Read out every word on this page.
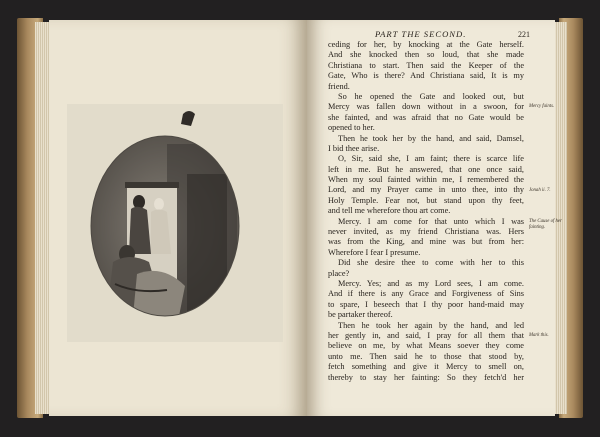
PART THE SECOND.	221
ceding for her, by knocking at the Gate herself.
And she knocked then so loud, that she made
Christiana to start. Then said the Keeper of the
Gate, Who is there? And Christiana said, It is my
friend.
So he opened the Gate and looked out, but
Mercy was fallen down without in a swoon, for
she fainted, and was afraid that no Gate would be
opened to her.
Then he took her by the hand, and said, Damsel,
I bid thee arise.
O, Sir, said she, I am faint; there is scarce life
left in me. But he answered, that one once said,
When my soul fainted within me, I remembered the
Lord, and my Prayer came in unto thee, into thy
Holy Temple. Fear not, but stand upon thy feet,
and tell me wherefore thou art come.
Mercy. I am come for that unto which I was
never invited, as my friend Christiana was. Hers
was from the King, and mine was but from her:
Wherefore I fear I presume.
Did she desire thee to come with her to this
place?
Mercy. Yes; and as my Lord sees, I am come.
And if there is any Grace and Forgiveness of Sins
to spare, I beseech that I thy poor hand-maid may
be partaker thereof.
Then he took her again by the hand, and led
her gently in, and said, I pray for all them that
believe on me, by what Means soever they come
unto me. Then said he to those that stood by,
fetch something and give it Mercy to smell on,
thereby to stay her fainting: So they fetch'd her
Mercy faints.
Jonah ii. 7.
The Cause of her fainting.
Mark this.
